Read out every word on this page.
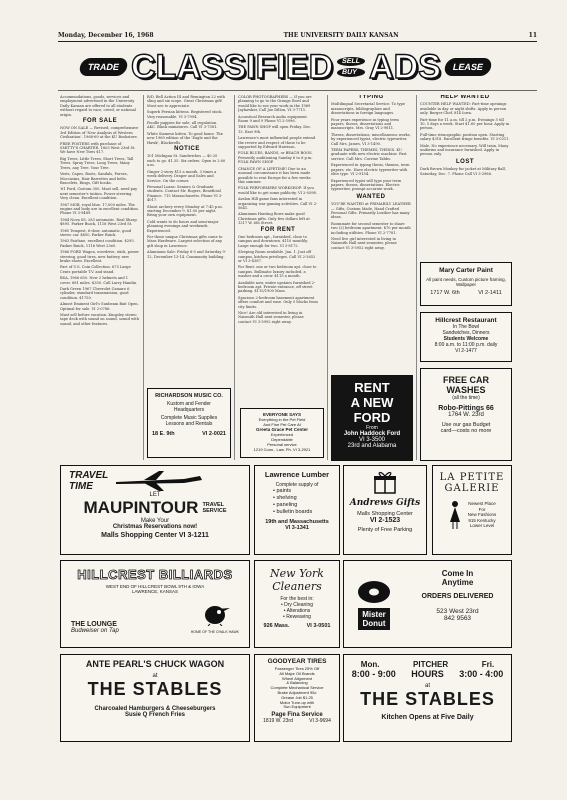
Monday, December 16, 1968	THE UNIVERSITY DAILY KANSAN	11
TRADE CLASSIFIED	SELL
BUY ADS	LEASE

Accommodations, goods, services and employment advertised in the University Daily Kansan are offered to all students without regard to race, creed, or national origin.

FOR SALE

NOW ON SALE — Revised, comprehensive 3rd Edition of 'New Analysis of Western Civilization'. 1968-69 at the KU Bookstore.

FREE POSTERS with purchase of SMITTY'S CHARTER. 1803 West 23rd St. We have New Tires $17.

Big Trees, Little Trees, Short Trees, Tall Trees. Spray Trees, Long Trees, Many Trees, any Tree. Your Tree.

Vests, Capes, Boots, Sandals, Purses, Moccasins, Hair Barrettes and belts. Bracelets, Rings, Gift books.

'61 Ford, Custom 300. Must sell, need pay next semester's tuition. Power steering. Very clean. Excellent condition.

1967 MGB, royal blue. 17,000 miles. The engine and body are in excellent condition. Phone VI 3-9489.

1964 Nova SS, 283 automatic. Real Sharp. $895. Parker Buick, 1116 West 23rd St.

1965 Tempest, 6-door, automatic, good stereo car. $850. Parker Buick.

1963 Fairlane, excellent condition. $295. Parker Buick, 1116 West 23rd.

1966 FORD Wagon, overdrive, stick, power steering, good tires, new battery, new brake shoes. Excellent.

Part of U.S. Coin Collection. 675 Large Cents portable T.V. and stand.

BSA, 1966 650. New 2 helmets and 1 cover. 681 miles. $350. Call Larry Hamlin.

Dark Green 1967 Chevrolet Camaro 6 cylinder, standard transmission, good condition. $1750.

Almost Eminent Girl's Sunbeam Bait Open. Optimal for sale. VI 2-0786.

Must sell before vacation. Kingsley stereo tape deck with sound on sound, sound with sound, and other features.

B/D, Bell Action III and Remington 22 with sling and six scope. Great Christmas gift! Must see to appreciate.

Superb Persian kittens. Registered stock. Very reasonable. VI 3-7994.

Poodle puppies for sale; all regulation. AKC. Black miniatures. Call VI 3-7581.

White Siamese kitten. To good home. The new 1969 edition of the 'Eagle and the Hawk', Blackwells.

NOTICE

101 Michigan St. Sandwiches — $0.35 each to go. $1.35. Six orders. Open to 2:00 a.m.

Ginger 2-story $13 a month. 3 times a week delivery. Draper and Sales and Service. On the corner.

Personal Loans: Seniors & Graduate students. Contact Mr. Rogers, Beneficial Finance. 715 Massachusetts. Phone VI 3-4017.

Shoot archery every Monday at 7:45 p.m. starting December 9. $1.00 per night. Bring your own equipment.

Cold wants to do hours and semi-major planning evenings and weekends. Experienced.

For those unique Christmas gifts come to Mass Hardware. Largest selection of any gift shop in Lawrence.

Aluminum Sale: Friday 8-5 and Saturday 9-12, December 13-14. Community building.

RICHARDSON MUSIC CO.
Kustom and Fender
Headquarters
Complete Music Supplies
Lessons and Rentals
18 E. 9th	VI 2-0021

COLOR PHOTOGRAPHERS — If you are planning to go to the Orange Bowl and would like to see your work in the 1969 Jayhawker, Call Joe Dillon, VI 3-7711.

Acoustical Research audio equipment. Room 9 and 9 Phone VI 2-5996.

THE PAWN SHOP will open Friday. Dec. 13. East 9th.

Lawrence's most influential people extend the revere and respect of those to be supported by Edward Harrison.

FOLK BLUES, BANDS, or BEACH BOOS. Presently auditioning Sunday 6 to 6 p.m. FOLK PAWN SHOP.

CHANCE OF A LIFETIME! Due to an unusual circumstance it has been made possible to rent Europe for a few weeks this summer.

FOLK PERFORMERS WORKSHOP: If you would like to get some publicity. VI 2-0598.

Avalon Hill game fans interested in organizing war gaming activities. Call VI 2-5641.

Aluminum Hunting Bows make good Christmas gifts. Only few dollars left at 1217 W. 6th Street.

FOR RENT

One bedroom apt., furnished, close to campus and downtown. $110 monthly. Large enough for two. VI 3-8172.

Sleeping Room available. Jan. 1. Just off campus, kitchen privileges. Call VI 2-2652 or VI 3-4387.

For Rent: one or two bedroom apt. close to campus. Bullmatic luxury included, a washer and a crow. $115 a month.

Available now, entire upstairs furnished 2-bedroom apt. Private entrance, off street parking. $115/1900 Mass.

Spacious 2-bedroom basement apartment offers comfort and ease. Only 5 blocks from city limits.

Nice! Are old interested in living in Naismith Hall next semester, please contact VI 3-5992 right away.

EVERYONE SAYS
Everything in the Pet Field
And Fine Pet Care At
Greeta Grace Pet Center
Experienced
Dependable
Personal service
1219 Conn., Law. Ph. VI 3-2921
TYPING

Multilingual Secretarial Service. To type manuscripts, bibliographies and dissertations in foreign languages.

Four years experience in typing term papers, theses, dissertations and manuscripts. Mrs. Gray VI 2-9811.

Theses, dissertations, miscellaneous works, by experienced typist, electric typewriter. Call Mrs. James, VI 3-1490.

TERM PAPERS, THEMES, THESIS. KU graduate with new electric machine. Fast service. Call Mrs. Corrine Tabbs.

Experienced in typing thesis, themes, term papers, etc. Have electric typewriter with elite type. VI 2-9154.

Experienced typist will type your term papers, theses, dissertations. Electric typewriter, prompt accurate work.

WANTED

YOU'RE WANTED at PRIMARILY LEATHER — Gifts, Custom Made, Hand Crafted Personal Gifts. Primarily Leather has many ideas.

Roommate for second semester to share two (2) bedroom apartment. $70 per month including utilities. Phone VI 2-7781.

Need live girl interested in living in Naismith Hall next semester, please contact VI 3-5952 right away.

RENT
A NEW
FORD
From
John Haddock Ford
VI 3-3500
23rd and Alabama
HELP WANTED

COUNTER HELP WANTED: Part-time openings available in day or night shifts. Apply in person only. Burger Chef, 814 Iowa.

Part-time for 11 a.m. till 2 p.m. Evenings 5 till 10, 5 days a week. Start $1.60 per hour. Apply in person.

Full-time stenographic position open. Starting salary $318. Excellent fringe benefits. VI 3-0211.

Male, No experience necessary. Will train. Many uniforms and insurance furnished. Apply in person only.

LOST

Dark Brown Monkey fur jacket at Military Ball, Saturday, Dec. 7. Phone Call VI 3-2986.

Mary Carter Paint
All paint needs, Custom picture framing, Wallpaper
1717 W. 6th	VI 2-1411
Hillcrest Restaurant
In The Bowl
Sandwiches, Dinners
Students Welcome
8:00 a.m. to 11:00 p.m. daily
VI 2-1477
FREE CAR
WASHES
(all the time)
Robo-Pittings 66
1764 W. 23rd
Use our gas Budget
card—costs no more
TRAVEL
TIME
LET
MAUPINTOUR TRAVEL
SERVICE
Make Your
Christmas Reservations now!
Malls Shopping Center VI 3-1211
Lawrence Lumber
Complete supply of
• paints
• shelving
• paneling
• bulletin boards
19th and Massachusetts
VI 3-1341
Andrews Gifts
Malls Shopping Center
VI 2-1523
Plenty of Free Parking
LA PETITE
GALERIE
Newest Place
For
New Fashions
915 Kentucky
Lower Level
HILLCREST BILLIARDS
WEST END OF HILLCREST BOWL 9TH & IOWA
LAWRENCE, KANSAS
THE LOUNGE
Budweiser on Tap	HOME OF THE CHALK HAWK
New York
Cleaners
For the best in:
• Dry Cleaning
• Alterations
• Reweaving
926 Mass.	VI 3-0501
Mister
Donut
Come In
Anytime
ORDERS DELIVERED
523 West 23rd
842 9563
ANTE PEARL'S CHUCK WAGON
at
THE STABLES
Charcoaled Hamburgers & Cheeseburgers
Susie Q French Fries
GOODYEAR TIRES
Passenger Tires 25% Off
All Major Oil Brands
Wheel Alignment
& Balancing
Complete Mechanical Service
Brake Adjustment 95c
Grease Job $1.25
Motor Tune-up with
Sun Equipment
Page Fina Service
1819 W. 23rd	VI 3-9694
Mon.	PITCHER	Fri.
8:00 - 9:00 HOURS 3:00 - 4:00
at
THE STABLES
Kitchen Opens at Five Daily
